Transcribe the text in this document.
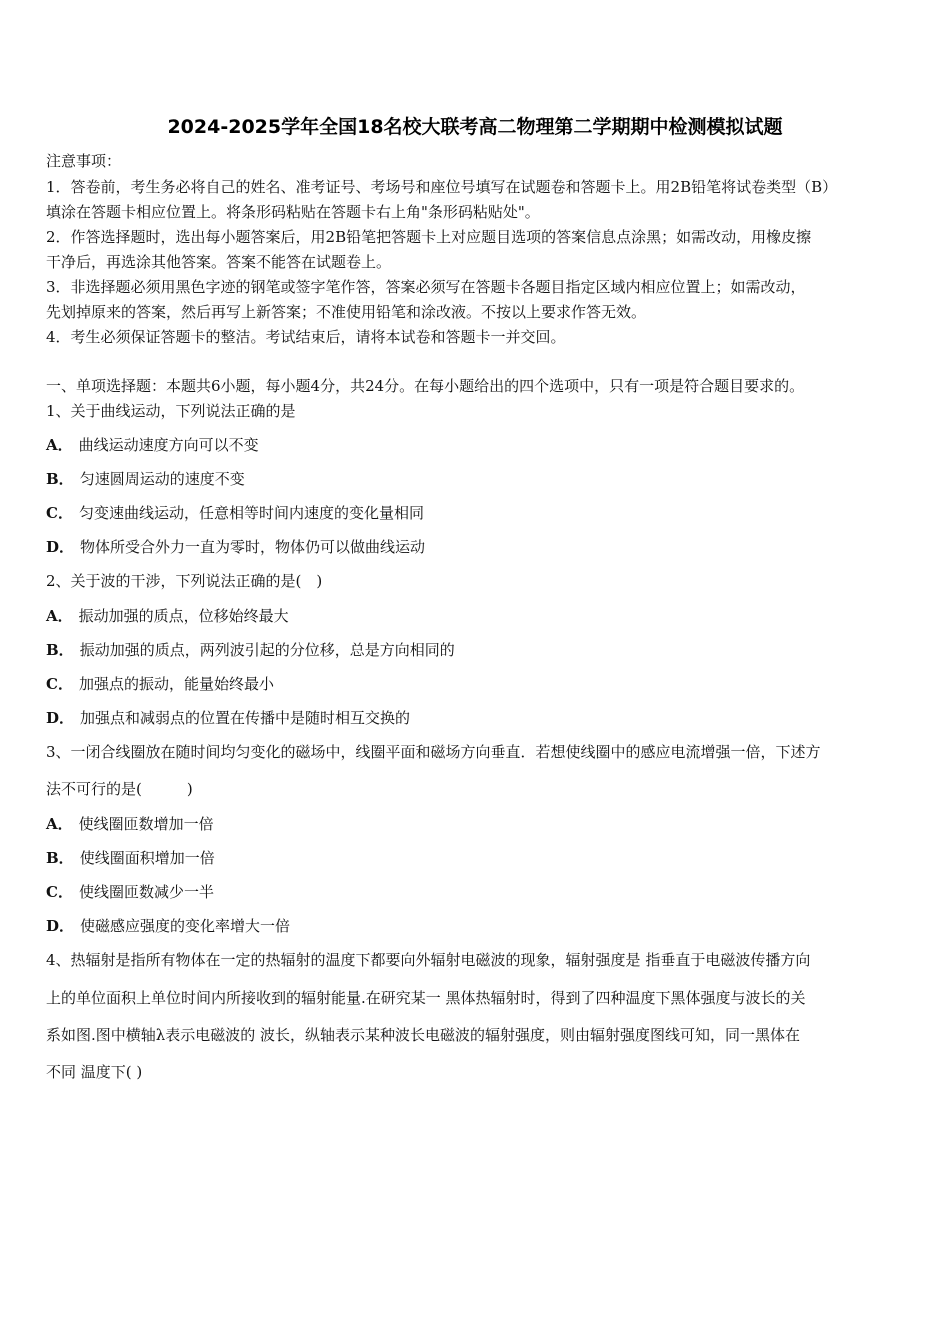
2024-2025学年全国18名校大联考高二物理第二学期期中检测模拟试题
注意事项：
1．答卷前，考生务必将自己的姓名、准考证号、考场号和座位号填写在试题卷和答题卡上。用2B铅笔将试卷类型（B）
填涂在答题卡相应位置上。将条形码粘贴在答题卡右上角"条形码粘贴处"。
2．作答选择题时，选出每小题答案后，用2B铅笔把答题卡上对应题目选项的答案信息点涂黑；如需改动，用橡皮擦
干净后，再选涂其他答案。答案不能答在试题卷上。
3．非选择题必须用黑色字迹的钢笔或签字笔作答，答案必须写在答题卡各题目指定区域内相应位置上；如需改动，
先划掉原来的答案，然后再写上新答案；不准使用铅笔和涂改液。不按以上要求作答无效。
4．考生必须保证答题卡的整洁。考试结束后，请将本试卷和答题卡一并交回。
一、单项选择题：本题共6小题，每小题4分，共24分。在每小题给出的四个选项中，只有一项是符合题目要求的。
1、关于曲线运动，下列说法正确的是
A． 曲线运动速度方向可以不变
B． 匀速圆周运动的速度不变
C． 匀变速曲线运动，任意相等时间内速度的变化量相同
D． 物体所受合外力一直为零时，物体仍可以做曲线运动
2、关于波的干涉，下列说法正确的是(　)
A． 振动加强的质点，位移始终最大
B． 振动加强的质点，两列波引起的分位移，总是方向相同的
C． 加强点的振动，能量始终最小
D． 加强点和减弱点的位置在传播中是随时相互交换的
3、一闭合线圈放在随时间均匀变化的磁场中，线圈平面和磁场方向垂直．若想使线圈中的感应电流增强一倍，下述方
法不可行的是(　　　)
A． 使线圈匝数增加一倍
B． 使线圈面积增加一倍
C． 使线圈匝数减少一半
D． 使磁感应强度的变化率增大一倍
4、热辐射是指所有物体在一定的热辐射的温度下都要向外辐射电磁波的现象，辐射强度是 指垂直于电磁波传播方向
上的单位面积上单位时间内所接收到的辐射能量.在研究某一 黑体热辐射时，得到了四种温度下黑体强度与波长的关
系如图.图中横轴λ表示电磁波的 波长，纵轴表示某种波长电磁波的辐射强度，则由辐射强度图线可知，同一黑体在
不同 温度下( )
